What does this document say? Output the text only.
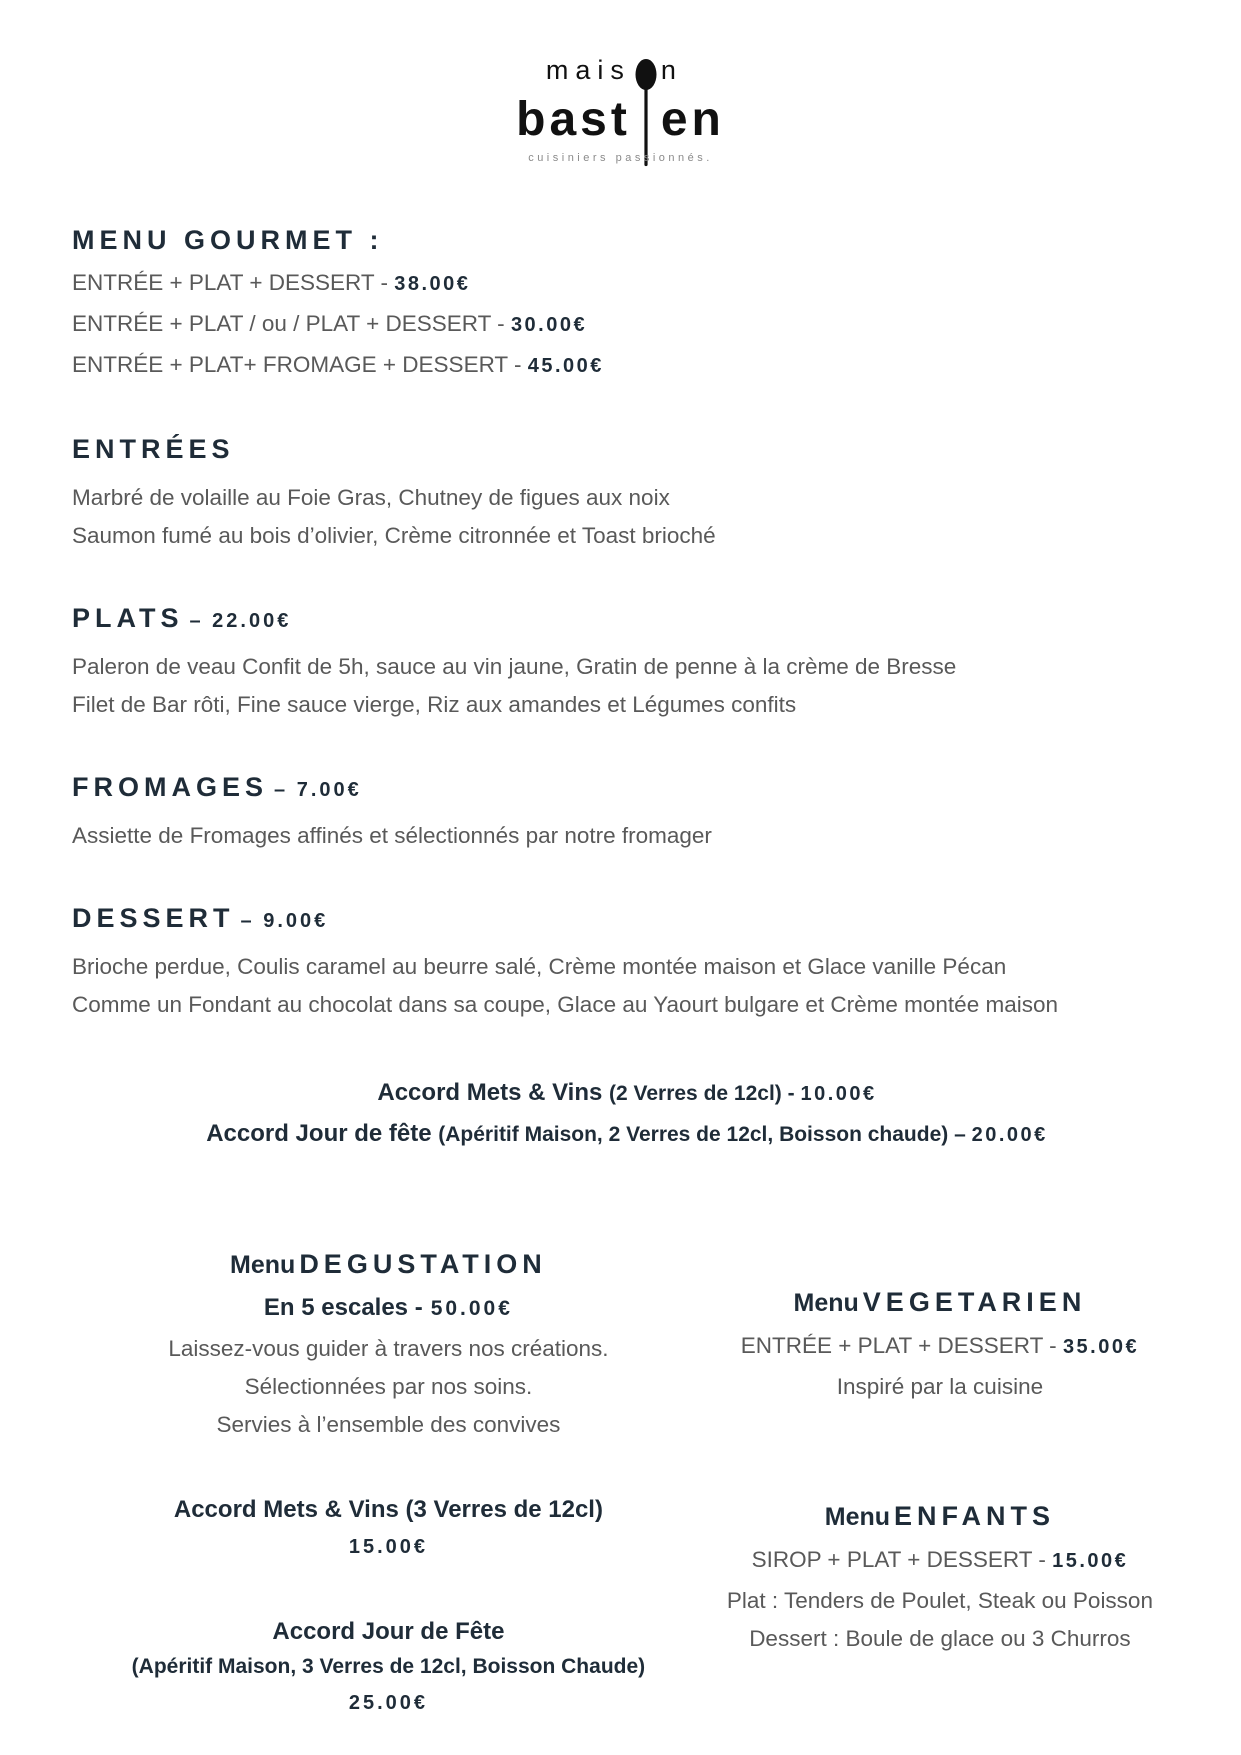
mais n
bast en
cuisiniers passionnés.
MENU GOURMET :
ENTRÉE + PLAT + DESSERT - 38.00€
ENTRÉE + PLAT / ou / PLAT + DESSERT - 30.00€
ENTRÉE + PLAT+ FROMAGE + DESSERT - 45.00€
ENTRÉES
Marbré de volaille au Foie Gras, Chutney de figues aux noix
Saumon fumé au bois d’olivier, Crème citronnée et Toast brioché
PLATS – 22.00€
Paleron de veau Confit de 5h, sauce au vin jaune, Gratin de penne à la crème de Bresse
Filet de Bar rôti, Fine sauce vierge, Riz aux amandes et Légumes confits
FROMAGES – 7.00€
Assiette de Fromages affinés et sélectionnés par notre fromager
DESSERT – 9.00€
Brioche perdue, Coulis caramel au beurre salé, Crème montée maison et Glace vanille Pécan
Comme un Fondant au chocolat dans sa coupe, Glace au Yaourt bulgare et Crème montée maison
Accord Mets & Vins (2 Verres de 12cl) - 10.00€
Accord Jour de fête (Apéritif Maison, 2 Verres de 12cl, Boisson chaude) – 20.00€
Menu DEGUSTATION
En 5 escales - 50.00€
Laissez-vous guider à travers nos créations.
Sélectionnées par nos soins.
Servies à l’ensemble des convives
Accord Mets & Vins (3 Verres de 12cl)
15.00€
Accord Jour de Fête
(Apéritif Maison, 3 Verres de 12cl, Boisson Chaude)
25.00€
Menu VEGETARIEN
ENTRÉE + PLAT + DESSERT - 35.00€
Inspiré par la cuisine
Menu ENFANTS
SIROP + PLAT + DESSERT - 15.00€
Plat : Tenders de Poulet, Steak ou Poisson
Dessert : Boule de glace ou 3 Churros
